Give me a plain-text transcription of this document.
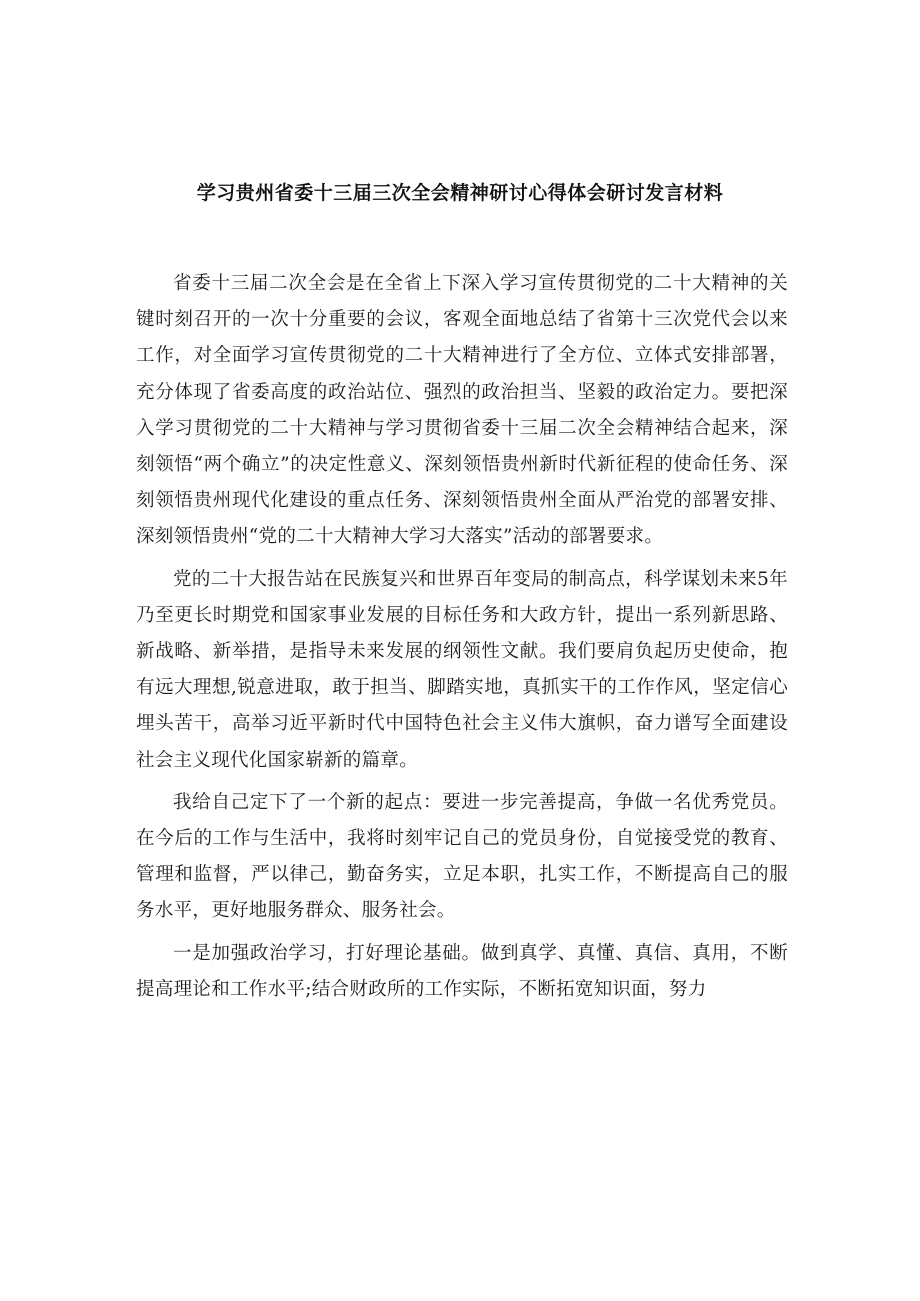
学习贵州省委十三届三次全会精神研讨心得体会研讨发言材料

省委十三届二次全会是在全省上下深入学习宣传贯彻党的二十大精神的关键时刻召开的一次十分重要的会议，客观全面地总结了省第十三次党代会以来工作，对全面学习宣传贯彻党的二十大精神进行了全方位、立体式安排部署，充分体现了省委高度的政治站位、强烈的政治担当、坚毅的政治定力。要把深入学习贯彻党的二十大精神与学习贯彻省委十三届二次全会精神结合起来，深刻领悟“两个确立”的决定性意义、深刻领悟贵州新时代新征程的使命任务、深刻领悟贵州现代化建设的重点任务、深刻领悟贵州全面从严治党的部署安排、深刻领悟贵州“党的二十大精神大学习大落实”活动的部署要求。

党的二十大报告站在民族复兴和世界百年变局的制高点，科学谋划未来5年乃至更长时期党和国家事业发展的目标任务和大政方针，提出一系列新思路、新战略、新举措，是指导未来发展的纲领性文献。我们要肩负起历史使命，抱有远大理想,锐意进取，敢于担当、脚踏实地，真抓实干的工作作风，坚定信心埋头苦干，高举习近平新时代中国特色社会主义伟大旗帜，奋力谱写全面建设社会主义现代化国家崭新的篇章。

我给自己定下了一个新的起点：要进一步完善提高，争做一名优秀党员。在今后的工作与生活中，我将时刻牢记自己的党员身份，自觉接受党的教育、管理和监督，严以律己，勤奋务实，立足本职，扎实工作，不断提高自己的服务水平，更好地服务群众、服务社会。

一是加强政治学习，打好理论基础。做到真学、真懂、真信、真用，不断提高理论和工作水平;结合财政所的工作实际，不断拓宽知识面，努力
